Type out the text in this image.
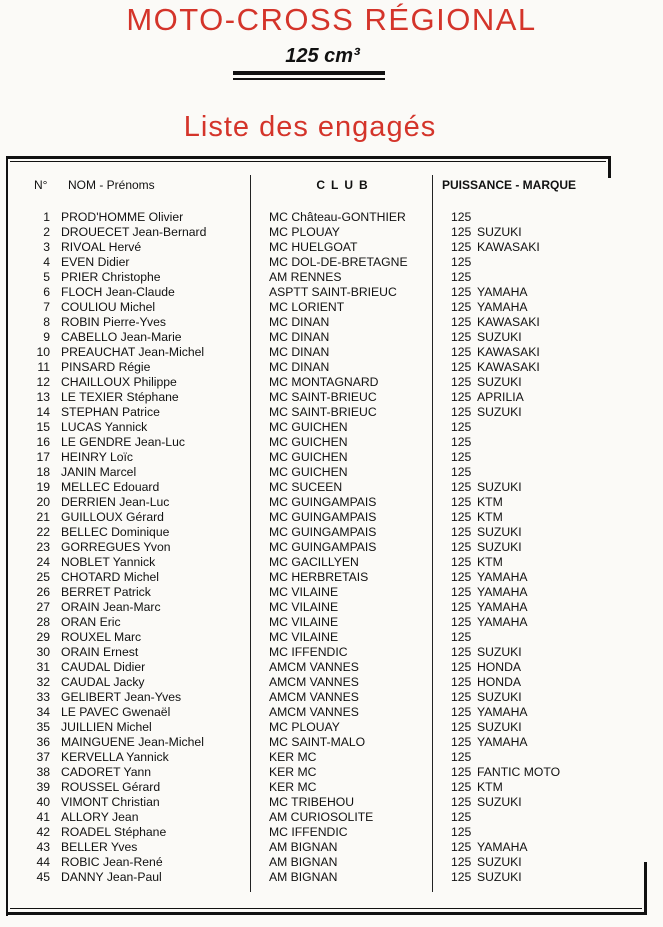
MOTO-CROSS RÉGIONAL
125 cm³
Liste des engagés
N° NOM - Prénoms	CLUB	PUISSANCE - MARQUE
1 PROD'HOMME Olivier	MC Château-GONTHIER	125
2 DROUECET Jean-Bernard	MC PLOUAY	125 SUZUKI
3 RIVOAL Hervé	MC HUELGOAT	125 KAWASAKI
4 EVEN Didier	MC DOL-DE-BRETAGNE	125
5 PRIER Christophe	AM RENNES	125
6 FLOCH Jean-Claude	ASPTT SAINT-BRIEUC	125 YAMAHA
7 COULIOU Michel	MC LORIENT	125 YAMAHA
8 ROBIN Pierre-Yves	MC DINAN	125 KAWASAKI
9 CABELLO Jean-Marie	MC DINAN	125 SUZUKI
10 PREAUCHAT Jean-Michel	MC DINAN	125 KAWASAKI
11 PINSARD Régie	MC DINAN	125 KAWASAKI
12 CHAILLOUX Philippe	MC MONTAGNARD	125 SUZUKI
13 LE TEXIER Stéphane	MC SAINT-BRIEUC	125 APRILIA
14 STEPHAN Patrice	MC SAINT-BRIEUC	125 SUZUKI
15 LUCAS Yannick	MC GUICHEN	125
16 LE GENDRE Jean-Luc	MC GUICHEN	125
17 HEINRY Loïc	MC GUICHEN	125
18 JANIN Marcel	MC GUICHEN	125
19 MELLEC Edouard	MC SUCEEN	125 SUZUKI
20 DERRIEN Jean-Luc	MC GUINGAMPAIS	125 KTM
21 GUILLOUX Gérard	MC GUINGAMPAIS	125 KTM
22 BELLEC Dominique	MC GUINGAMPAIS	125 SUZUKI
23 GORREGUES Yvon	MC GUINGAMPAIS	125 SUZUKI
24 NOBLET Yannick	MC GACILLYEN	125 KTM
25 CHOTARD Michel	MC HERBRETAIS	125 YAMAHA
26 BERRET Patrick	MC VILAINE	125 YAMAHA
27 ORAIN Jean-Marc	MC VILAINE	125 YAMAHA
28 ORAN Eric	MC VILAINE	125 YAMAHA
29 ROUXEL Marc	MC VILAINE	125
30 ORAIN Ernest	MC IFFENDIC	125 SUZUKI
31 CAUDAL Didier	AMCM VANNES	125 HONDA
32 CAUDAL Jacky	AMCM VANNES	125 HONDA
33 GELIBERT Jean-Yves	AMCM VANNES	125 SUZUKI
34 LE PAVEC Gwenaël	AMCM VANNES	125 YAMAHA
35 JUILLIEN Michel	MC PLOUAY	125 SUZUKI
36 MAINGUENE Jean-Michel	MC SAINT-MALO	125 YAMAHA
37 KERVELLA Yannick	KER MC	125
38 CADORET Yann	KER MC	125 FANTIC MOTO
39 ROUSSEL Gérard	KER MC	125 KTM
40 VIMONT Christian	MC TRIBEHOU	125 SUZUKI
41 ALLORY Jean	AM CURIOSOLITE	125
42 ROADEL Stéphane	MC IFFENDIC	125
43 BELLER Yves	AM BIGNAN	125 YAMAHA
44 ROBIC Jean-René	AM BIGNAN	125 SUZUKI
45 DANNY Jean-Paul	AM BIGNAN	125 SUZUKI
